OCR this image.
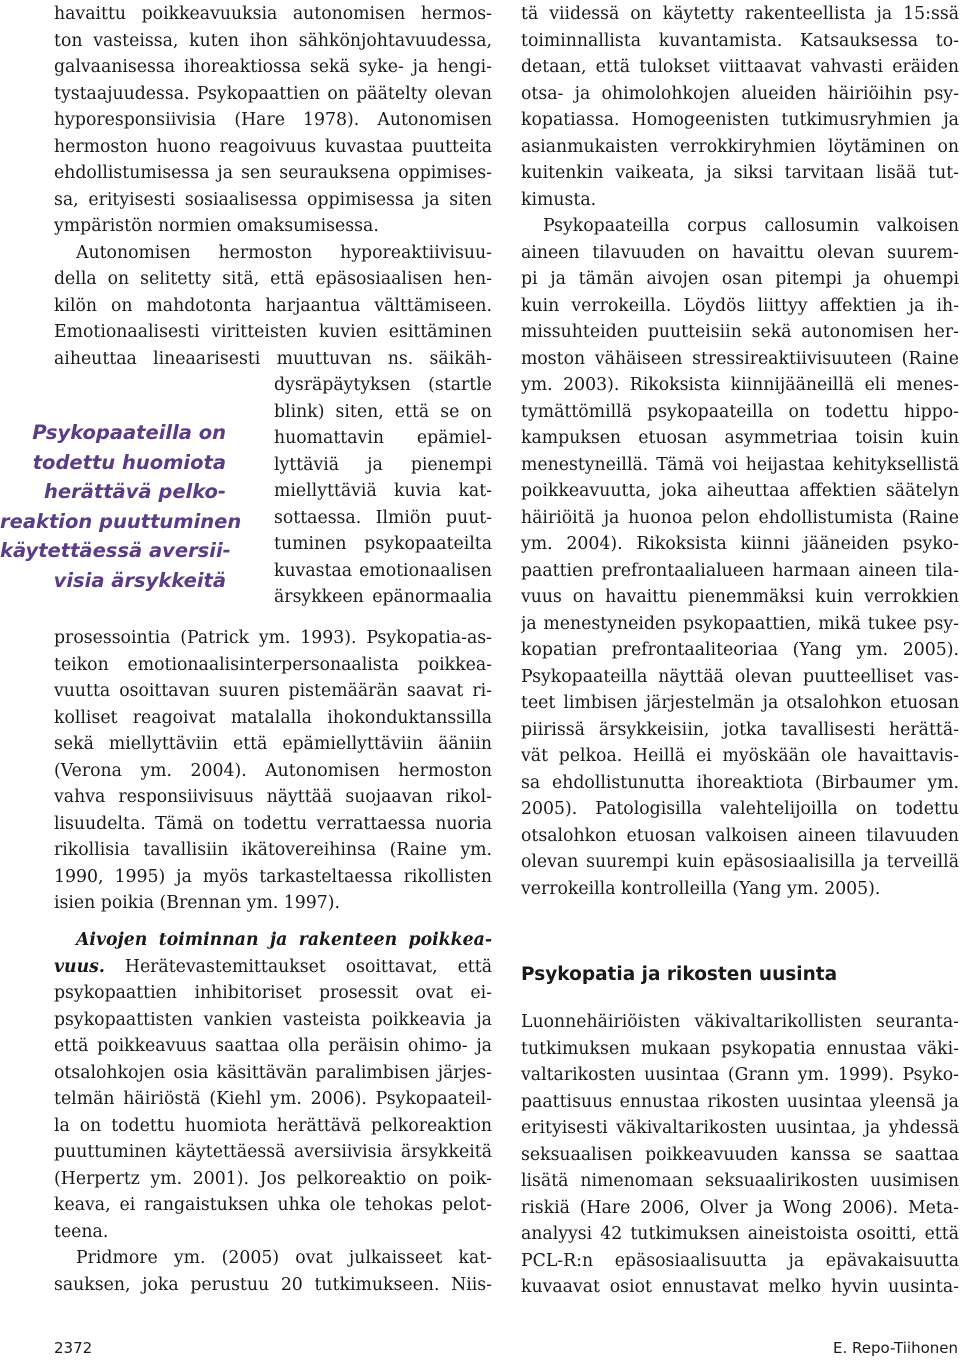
havaittu poikkeavuuksia autonomisen hermos-
ton vasteissa, kuten ihon sähkönjohtavuudessa,
galvaanisessa ihoreaktiossa sekä syke- ja hengi-
tystaajuudessa. Psykopaattien on päätelty olevan
hyporesponsiivisia (Hare 1978). Autonomisen
hermoston huono reagoivuus kuvastaa puutteita
ehdollistumisessa ja sen seurauksena oppimises-
sa, erityisesti sosiaalisessa oppimisessa ja siten
ympäristön normien omaksumisessa.
Autonomisen hermoston hyporeaktiivisuu-
della on selitetty sitä, että epäsosiaalisen hen-
kilön on mahdotonta harjaantua välttämiseen.
Emotionaalisesti viritteisten kuvien esittäminen
aiheuttaa lineaarisesti muuttuvan ns. säikäh-
dysräpäytyksen (startle
blink) siten, että se on
huomattavin epämiel-
lyttäviä ja pienempi
miellyttäviä kuvia kat-
sottaessa. Ilmiön puut-
tuminen psykopaateilta
kuvastaa emotionaalisen
ärsykkeen epänormaalia
prosessointia (Patrick ym. 1993). Psykopatia-as-
teikon emotionaalisinterpersonaalista poikkea-
vuutta osoittavan suuren pistemäärän saavat ri-
kolliset reagoivat matalalla ihokonduktanssilla
sekä miellyttäviin että epämiellyttäviin ääniin
(Verona ym. 2004). Autonomisen hermoston
vahva responsiivisuus näyttää suojaavan rikol-
lisuudelta. Tämä on todettu verrattaessa nuoria
rikollisia tavallisiin ikätovereihinsa (Raine ym.
1990, 1995) ja myös tarkasteltaessa rikollisten
isien poikia (Brennan ym. 1997).
Aivojen toiminnan ja rakenteen poikkea-
vuus. Herätevastemittaukset osoittavat, että
psykopaattien inhibitoriset prosessit ovat ei-
psykopaattisten vankien vasteista poikkeavia ja
että poikkeavuus saattaa olla peräisin ohimo- ja
otsalohkojen osia käsittävän paralimbisen järjes-
telmän häiriöstä (Kiehl ym. 2006). Psykopaateil-
la on todettu huomiota herättävä pelkoreaktion
puuttuminen käytettäessä aversiivisia ärsykkeitä
(Herpertz ym. 2001). Jos pelkoreaktio on poik-
keava, ei rangaistuksen uhka ole tehokas pelot-
teena.
Pridmore ym. (2005) ovat julkaisseet kat-
sauksen, joka perustuu 20 tutkimukseen. Niis-
Psykopaateilla on
todettu huomiota
herättävä pelko-
reaktion puuttuminen
käytettäessä aversii-
visia ärsykkeitä
tä viidessä on käytetty rakenteellista ja 15:ssä
toiminnallista kuvantamista. Katsauksessa to-
detaan, että tulokset viittaavat vahvasti eräiden
otsa- ja ohimolohkojen alueiden häiriöihin psy-
kopatiassa. Homogeenisten tutkimusryhmien ja
asianmukaisten verrokkiryhmien löytäminen on
kuitenkin vaikeata, ja siksi tarvitaan lisää tut-
kimusta.
Psykopaateilla corpus callosumin valkoisen
aineen tilavuuden on havaittu olevan suurem-
pi ja tämän aivojen osan pitempi ja ohuempi
kuin verrokeilla. Löydös liittyy affektien ja ih-
missuhteiden puutteisiin sekä autonomisen her-
moston vähäiseen stressireaktiivisuuteen (Raine
ym. 2003). Rikoksista kiinnijääneillä eli menes-
tymättömillä psykopaateilla on todettu hippo-
kampuksen etuosan asymmetriaa toisin kuin
menestyneillä. Tämä voi heijastaa kehityksellistä
poikkeavuutta, joka aiheuttaa affektien säätelyn
häiriöitä ja huonoa pelon ehdollistumista (Raine
ym. 2004). Rikoksista kiinni jääneiden psyko-
paattien prefrontaalialueen harmaan aineen tila-
vuus on havaittu pienemmäksi kuin verrokkien
ja menestyneiden psykopaattien, mikä tukee psy-
kopatian prefrontaaliteoriaa (Yang ym. 2005).
Psykopaateilla näyttää olevan puutteelliset vas-
teet limbisen järjestelmän ja otsalohkon etuosan
piirissä ärsykkeisiin, jotka tavallisesti herättä-
vät pelkoa. Heillä ei myöskään ole havaittavis-
sa ehdollistunutta ihoreaktiota (Birbaumer ym.
2005). Patologisilla valehtelijoilla on todettu
otsalohkon etuosan valkoisen aineen tilavuuden
olevan suurempi kuin epäsosiaalisilla ja terveillä
verrokeilla kontrolleilla (Yang ym. 2005).
Luonnehäiriöisten väkivaltarikollisten seuranta-
tutkimuksen mukaan psykopatia ennustaa väki-
valtarikosten uusintaa (Grann ym. 1999). Psyko-
paattisuus ennustaa rikosten uusintaa yleensä ja
erityisesti väkivaltarikosten uusintaa, ja yhdessä
seksuaalisen poikkeavuuden kanssa se saattaa
lisätä nimenomaan seksuaalirikosten uusimisen
riskiä (Hare 2006, Olver ja Wong 2006). Meta-
analyysi 42 tutkimuksen aineistoista osoitti, että
PCL-R:n epäsosiaalisuutta ja epävakaisuutta
kuvaavat osiot ennustavat melko hyvin uusinta-
Psykopatia ja rikosten uusinta
2372	E. Repo-Tiihonen
